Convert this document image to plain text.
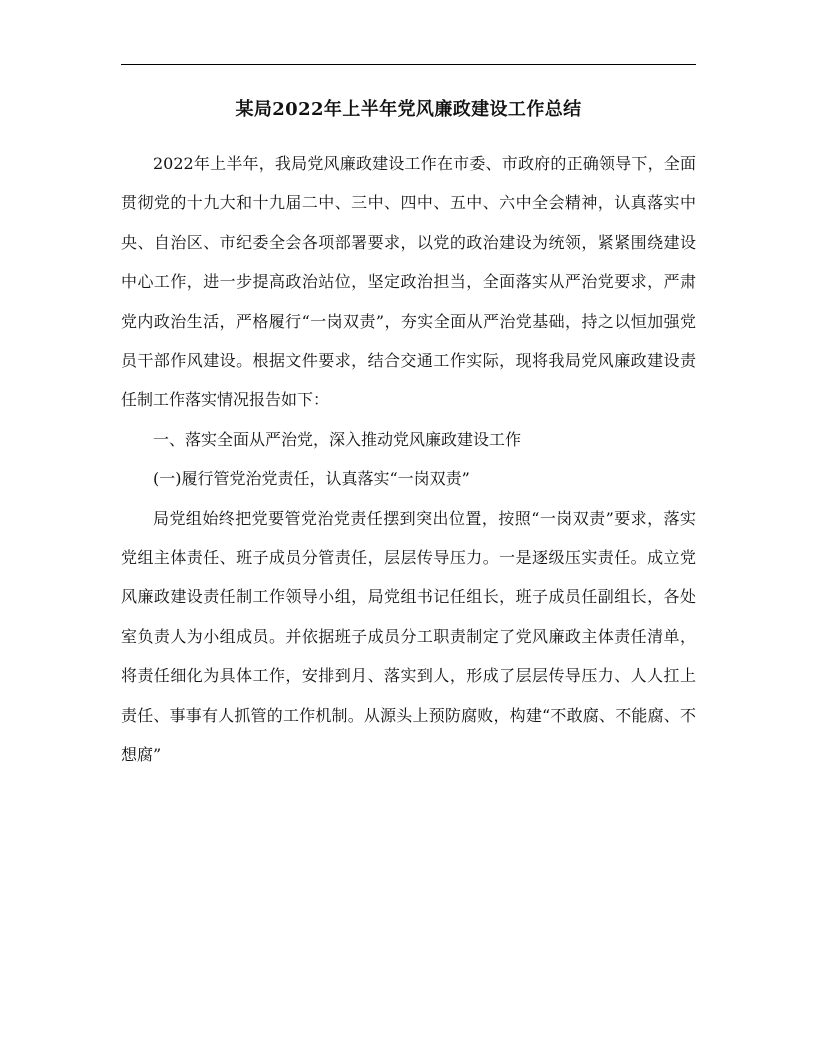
某局2022年上半年党风廉政建设工作总结

2022年上半年，我局党风廉政建设工作在市委、市政府的正确领导下，全面贯彻党的十九大和十九届二中、三中、四中、五中、六中全会精神，认真落实中央、自治区、市纪委全会各项部署要求，以党的政治建设为统领，紧紧围绕建设中心工作，进一步提高政治站位，坚定政治担当，全面落实从严治党要求，严肃党内政治生活，严格履行“一岗双责”，夯实全面从严治党基础，持之以恒加强党员干部作风建设。根据文件要求，结合交通工作实际，现将我局党风廉政建设责任制工作落实情况报告如下：

一、落实全面从严治党，深入推动党风廉政建设工作

(一)履行管党治党责任，认真落实“一岗双责”

局党组始终把党要管党治党责任摆到突出位置，按照“一岗双责”要求，落实党组主体责任、班子成员分管责任，层层传导压力。一是逐级压实责任。成立党风廉政建设责任制工作领导小组，局党组书记任组长，班子成员任副组长，各处室负责人为小组成员。并依据班子成员分工职责制定了党风廉政主体责任清单，将责任细化为具体工作，安排到月、落实到人，形成了层层传导压力、人人扛上责任、事事有人抓管的工作机制。从源头上预防腐败，构建“不敢腐、不能腐、不想腐”
